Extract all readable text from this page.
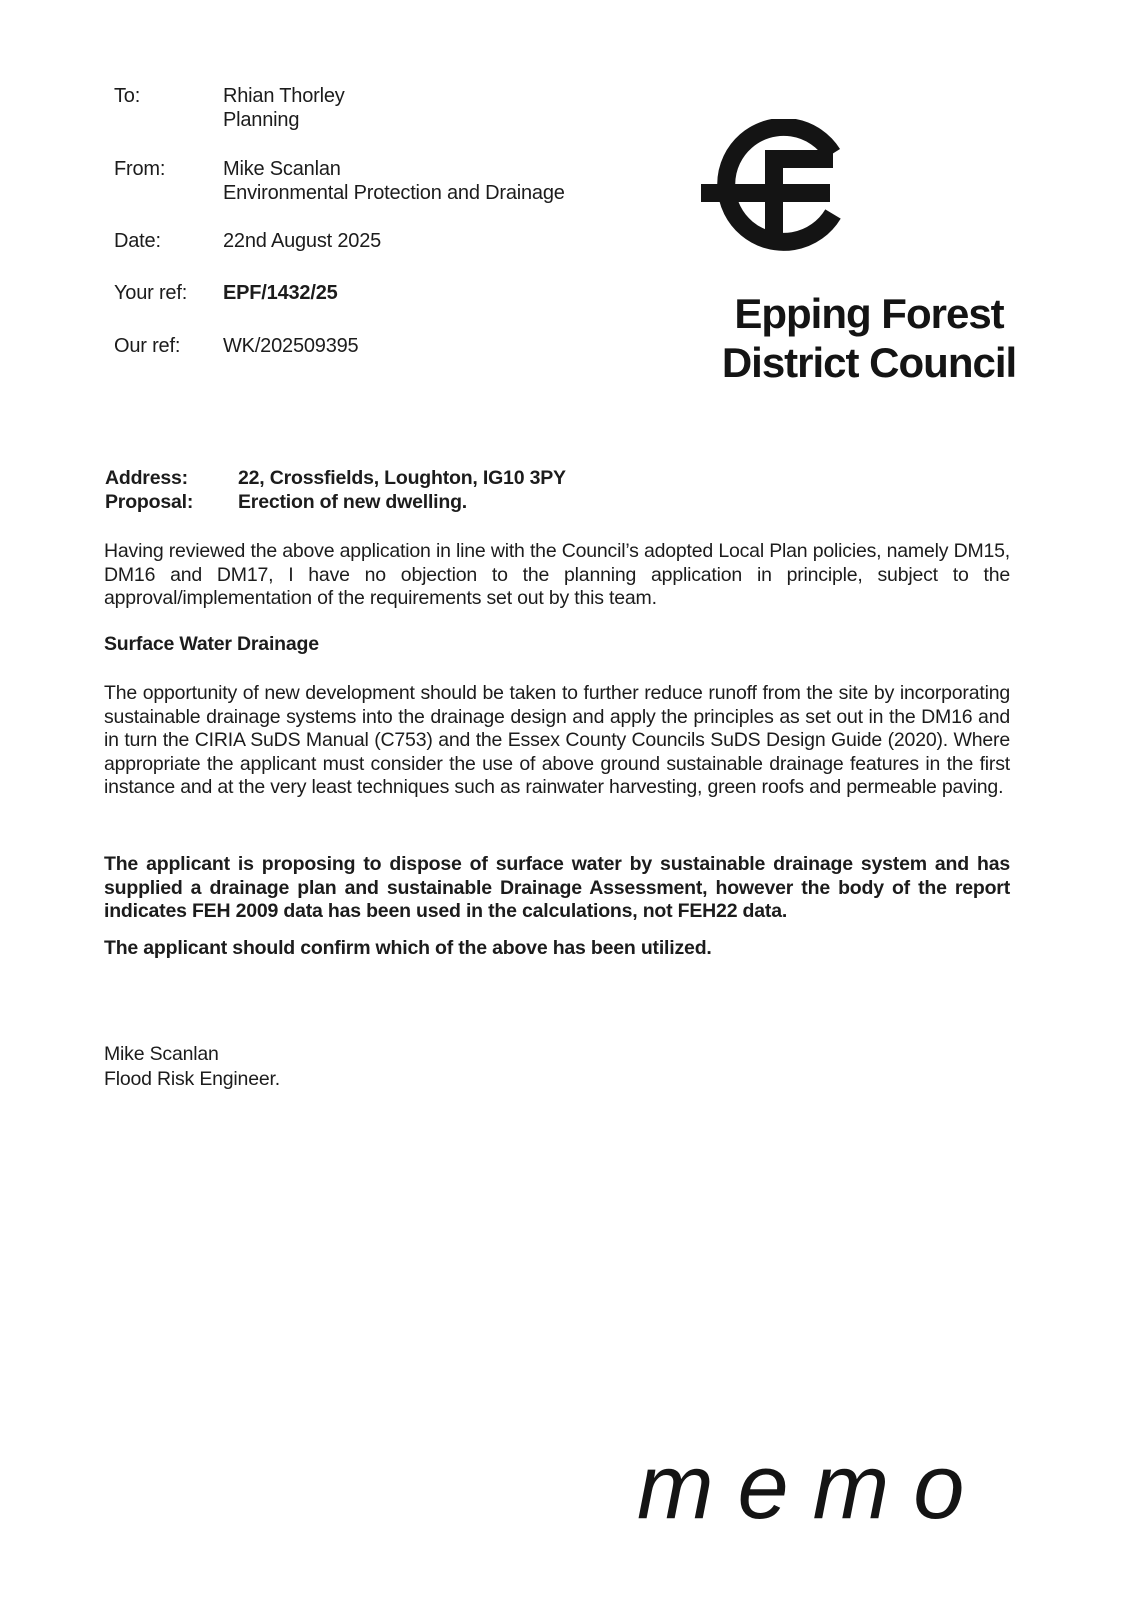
To:	Rhian Thorley
Planning
From:	Mike Scanlan
Environmental Protection and Drainage
Date:	22nd August 2025
Your ref:	EPF/1432/25
Our ref:	WK/202509395
Epping Forest
District Council
Address:	22, Crossfields, Loughton, IG10 3PY
Proposal:	Erection of new dwelling.
Having reviewed the above application in line with the Council’s adopted Local Plan policies, namely DM15, DM16 and DM17, I have no objection to the planning application in principle, subject to the approval/implementation of the requirements set out by this team.
Surface Water Drainage
The opportunity of new development should be taken to further reduce runoff from the site by incorporating sustainable drainage systems into the drainage design and apply the principles as set out in the DM16 and in turn the CIRIA SuDS Manual (C753) and the Essex County Councils SuDS Design Guide (2020). Where appropriate the applicant must consider the use of above ground sustainable drainage features in the first instance and at the very least techniques such as rainwater harvesting, green roofs and permeable paving.
The applicant is proposing to dispose of surface water by sustainable drainage system and has supplied a drainage plan and sustainable Drainage Assessment, however the body of the report indicates FEH 2009 data has been used in the calculations, not FEH22 data.
The applicant should confirm which of the above has been utilized.
Mike Scanlan
Flood Risk Engineer.
memo
